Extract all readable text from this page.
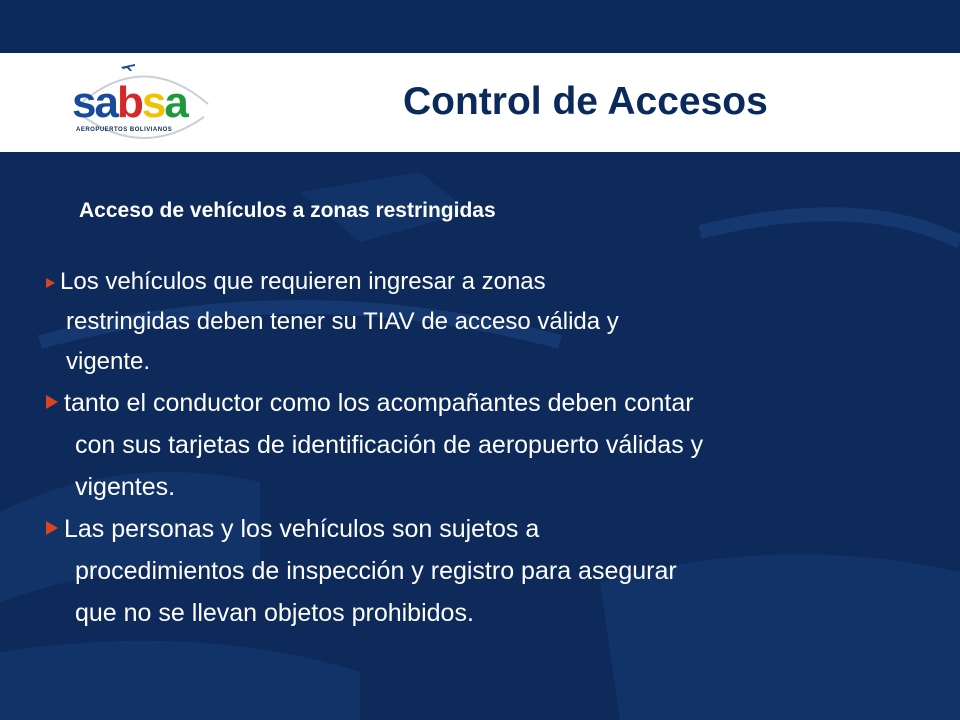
sabsa
AEROPUERTOS BOLIVIANOS
Control de Accesos
Acceso de vehículos a zonas restringidas
Los vehículos que requieren ingresar a zonas
restringidas deben tener su TIAV de acceso válida y
vigente.
tanto el conductor como los acompañantes deben contar
con sus tarjetas de identificación de aeropuerto válidas y
vigentes.
Las personas y los vehículos son sujetos a
procedimientos de inspección y registro para asegurar
que no se llevan objetos prohibidos.
